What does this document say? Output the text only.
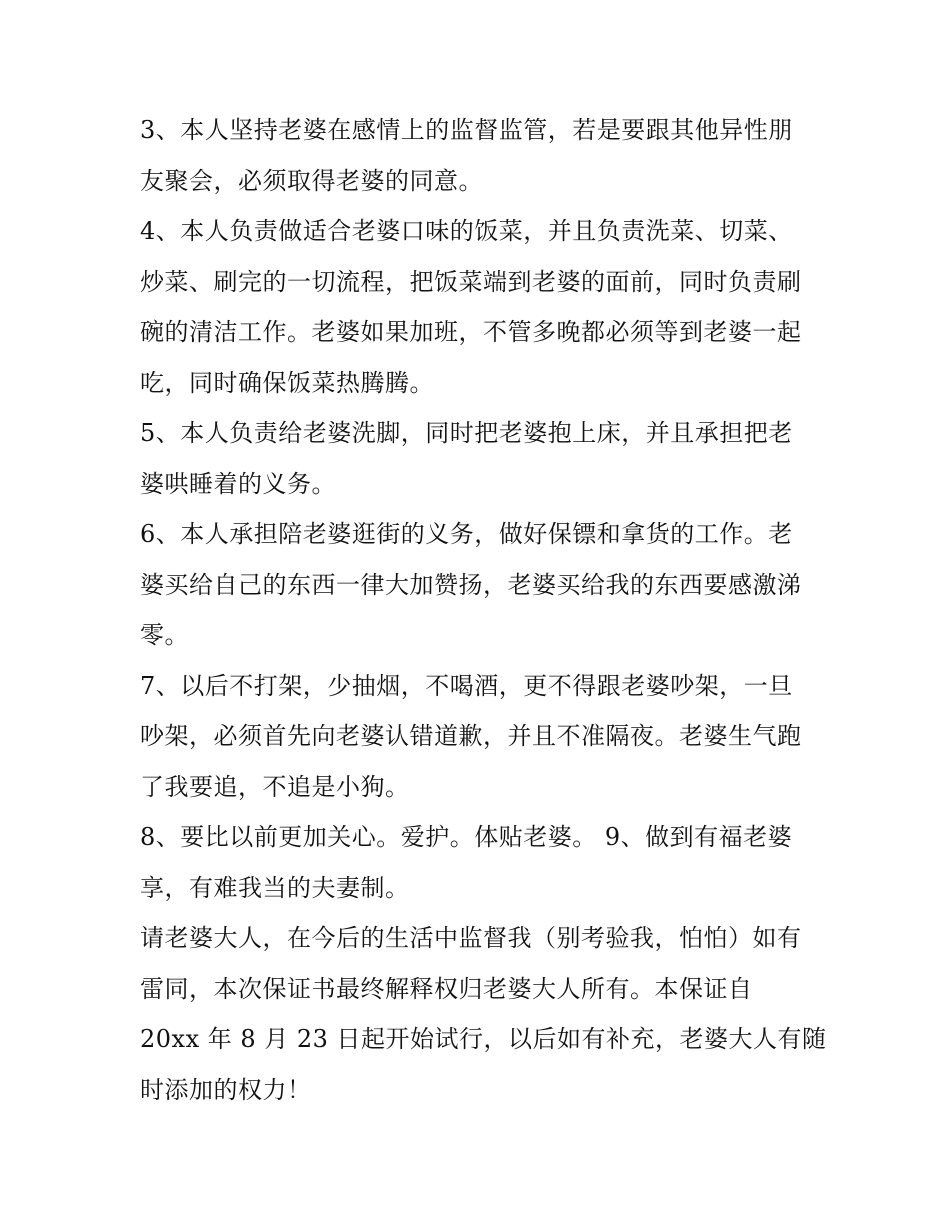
3、本人坚持老婆在感情上的监督监管，若是要跟其他异性朋
友聚会，必须取得老婆的同意。
4、本人负责做适合老婆口味的饭菜，并且负责洗菜、切菜、
炒菜、刷完的一切流程，把饭菜端到老婆的面前，同时负责刷
碗的清洁工作。老婆如果加班，不管多晚都必须等到老婆一起
吃，同时确保饭菜热腾腾。
5、本人负责给老婆洗脚，同时把老婆抱上床，并且承担把老
婆哄睡着的义务。
6、本人承担陪老婆逛街的义务，做好保镖和拿货的工作。老
婆买给自己的东西一律大加赞扬，老婆买给我的东西要感激涕
零。
7、以后不打架，少抽烟，不喝酒，更不得跟老婆吵架，一旦
吵架，必须首先向老婆认错道歉，并且不准隔夜。老婆生气跑
了我要追，不追是小狗。
8、要比以前更加关心。爱护。体贴老婆。 9、做到有福老婆
享，有难我当的夫妻制。
请老婆大人，在今后的生活中监督我（别考验我，怕怕）如有
雷同，本次保证书最终解释权归老婆大人所有。本保证自
20xx 年 8 月 23 日起开始试行，以后如有补充，老婆大人有随
时添加的权力！
